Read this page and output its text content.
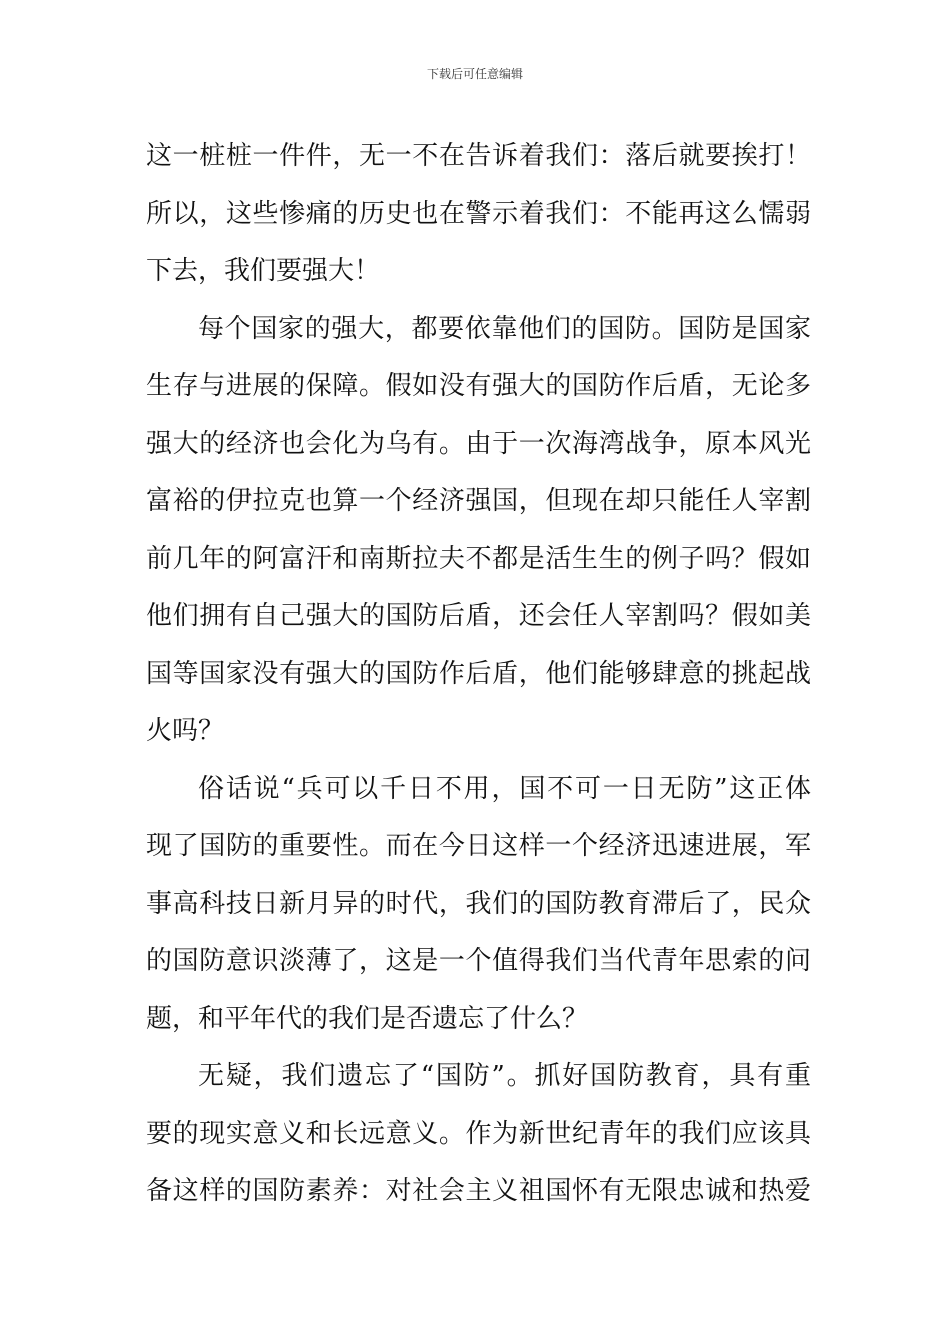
下载后可任意编辑
这一桩桩一件件，无一不在告诉着我们：落后就要挨打！
所以，这些惨痛的历史也在警示着我们：不能再这么懦弱
下去，我们要强大！
每个国家的强大，都要依靠他们的国防。国防是国家
生存与进展的保障。假如没有强大的国防作后盾，无论多
强大的经济也会化为乌有。由于一次海湾战争，原本风光
富裕的伊拉克也算一个经济强国，但现在却只能任人宰割
前几年的阿富汗和南斯拉夫不都是活生生的例子吗？假如
他们拥有自己强大的国防后盾，还会任人宰割吗？假如美
国等国家没有强大的国防作后盾，他们能够肆意的挑起战
火吗？
俗话说“兵可以千日不用，国不可一日无防”这正体
现了国防的重要性。而在今日这样一个经济迅速进展，军
事高科技日新月异的时代，我们的国防教育滞后了，民众
的国防意识淡薄了，这是一个值得我们当代青年思索的问
题，和平年代的我们是否遗忘了什么？
无疑，我们遗忘了“国防”。抓好国防教育，具有重
要的现实意义和长远意义。作为新世纪青年的我们应该具
备这样的国防素养：对社会主义祖国怀有无限忠诚和热爱
